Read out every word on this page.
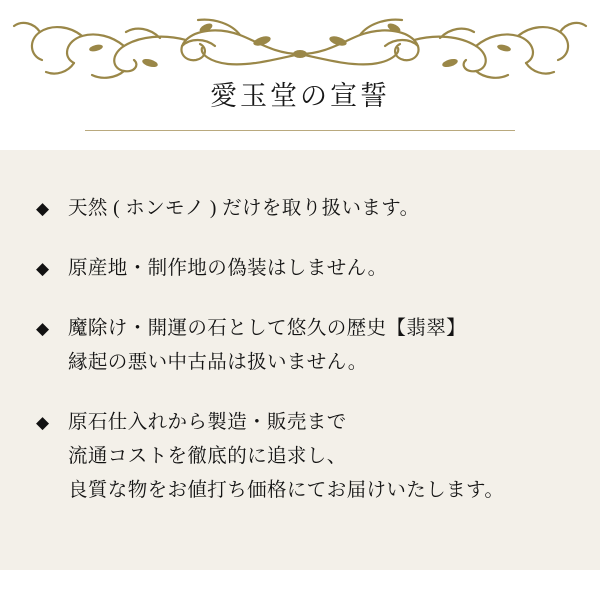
愛玉堂の宣誓
◆ 天然 ( ホンモノ ) だけを取り扱います。
◆ 原産地・制作地の偽装はしません。
◆ 魔除け・開運の石として悠久の歴史【翡翠】
縁起の悪い中古品は扱いません。
◆ 原石仕入れから製造・販売まで
流通コストを徹底的に追求し、
良質な物をお値打ち価格にてお届けいたします。
